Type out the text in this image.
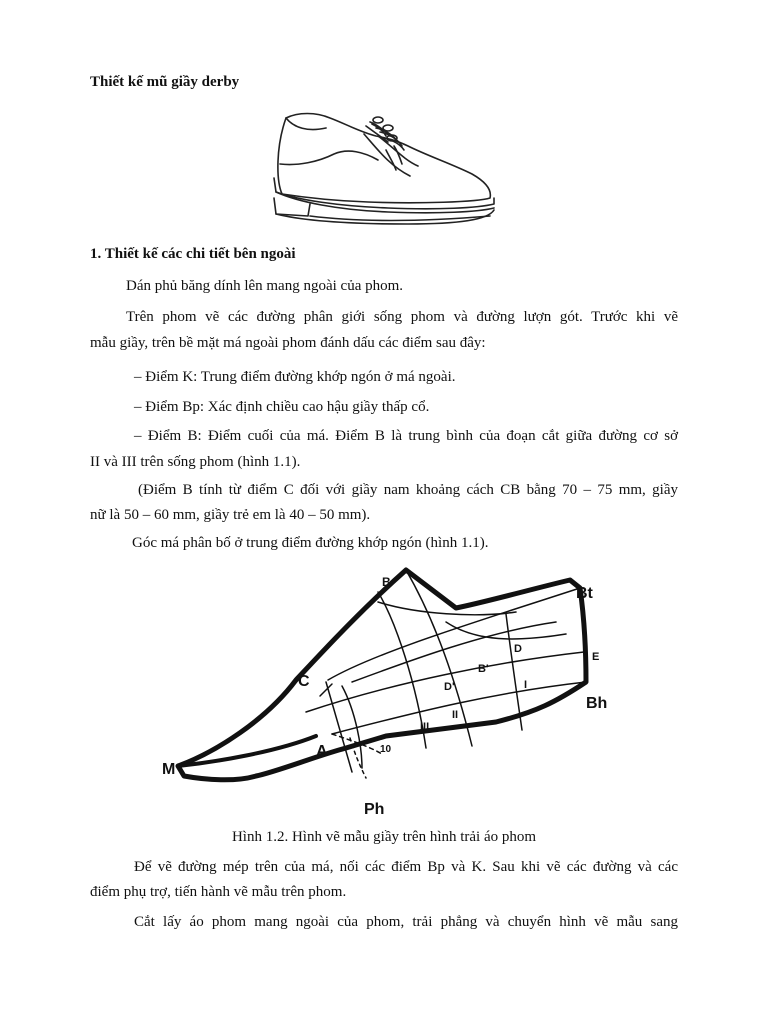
Thiết kế mũ giầy derby
1. Thiết kế các chi tiết bên ngoài
Dán phủ băng dính lên mang ngoài của phom.
Trên phom vẽ các đường phân giới sống phom và đường lượn gót. Trước khi vẽ
mẫu giầy, trên bề mặt má ngoài phom đánh dấu các điểm sau đây:
– Điểm K: Trung điểm đường khớp ngón ở má ngoài.
– Điểm Bp: Xác định chiều cao hậu giầy thấp cổ.
– Điểm B: Điểm cuối của má. Điểm B là trung bình của đoạn cắt giữa đường cơ sở
II và III trên sống phom (hình 1.1).
(Điểm B tính từ điểm C đối với giầy nam khoảng cách CB bằng 70 – 75 mm, giầy
nữ là 50 – 60 mm, giầy trẻ em là 40 – 50 mm).
Góc má phân bố ở trung điểm đường khớp ngón (hình 1.1).
B
Bt
E
Bh
C
A
M
Ph
D
B'
D'	I
II
III
10
Hình 1.2. Hình vẽ mẫu giầy trên hình trải áo phom
Để vẽ đường mép trên của má, nối các điểm Bp và K. Sau khi vẽ các đường và các
điểm phụ trợ, tiến hành vẽ mẫu trên phom.
Cắt lấy áo phom mang ngoài của phom, trải phẳng và chuyển hình vẽ mẫu sang
